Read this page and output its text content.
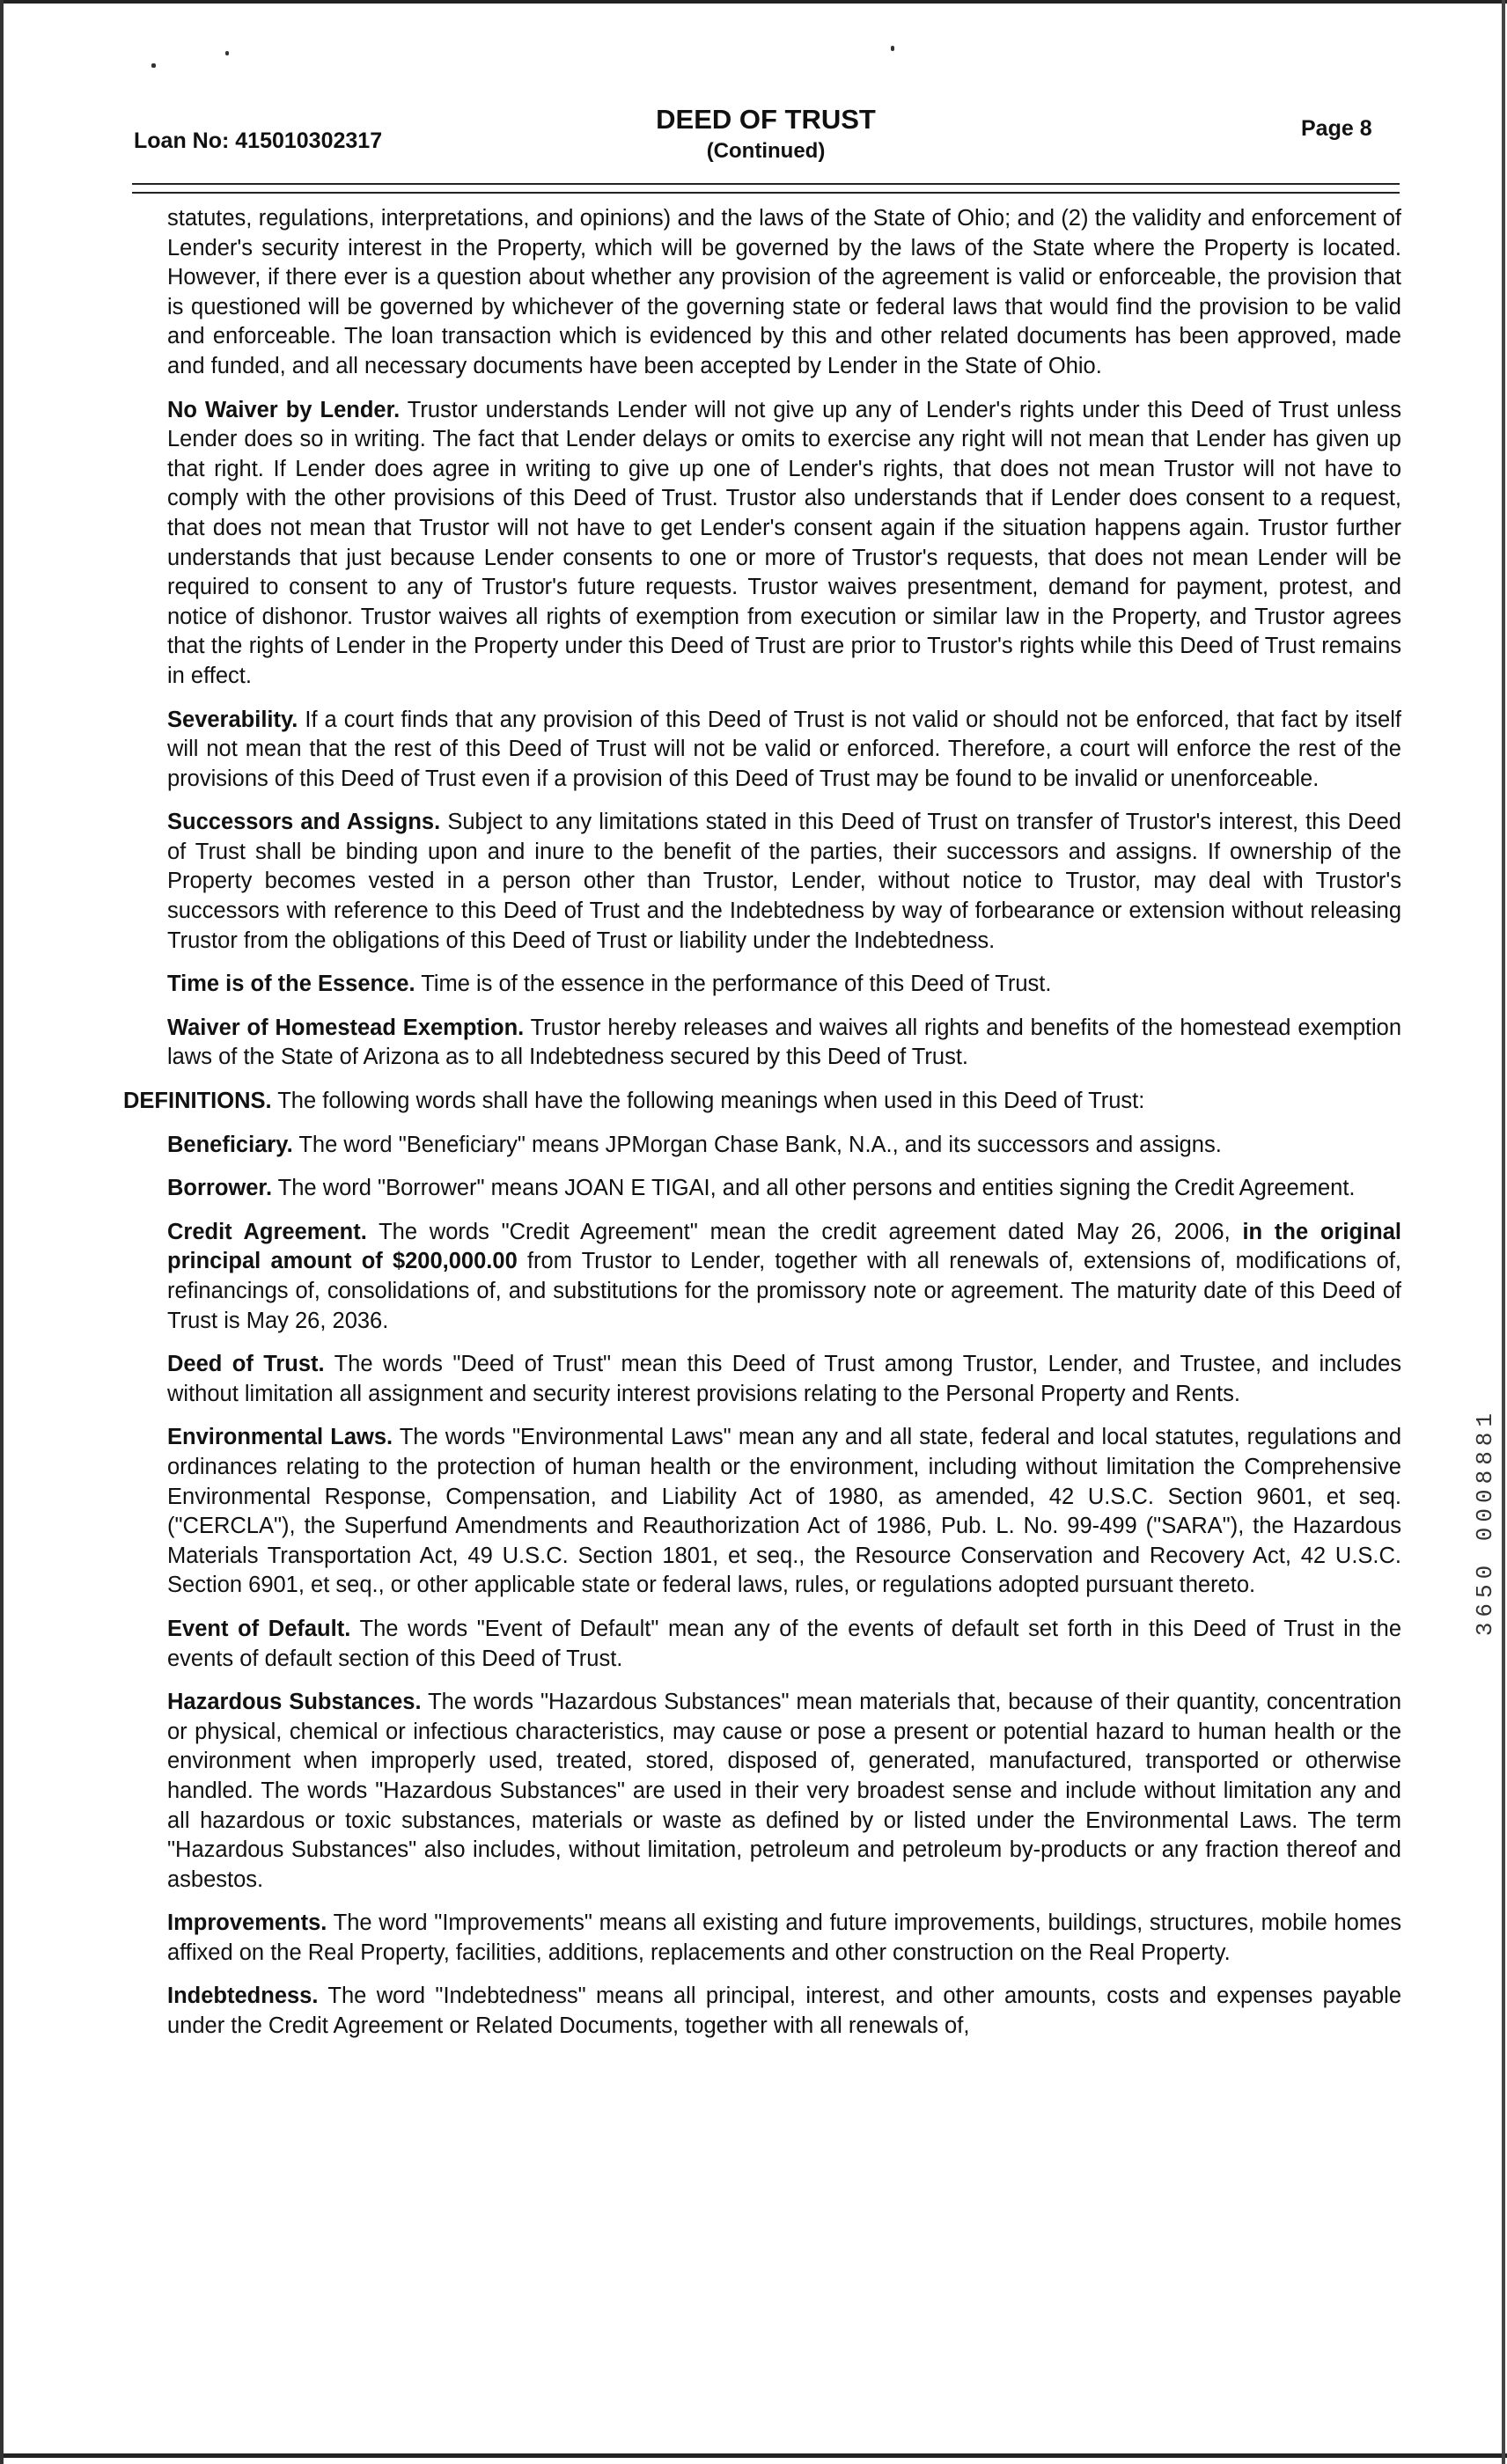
Loan No: 415010302317
DEED OF TRUST
(Continued)
Page 8

statutes, regulations, interpretations, and opinions) and the laws of the State of Ohio; and (2) the validity and enforcement of Lender's security interest in the Property, which will be governed by the laws of the State where the Property is located. However, if there ever is a question about whether any provision of the agreement is valid or enforceable, the provision that is questioned will be governed by whichever of the governing state or federal laws that would find the provision to be valid and enforceable. The loan transaction which is evidenced by this and other related documents has been approved, made and funded, and all necessary documents have been accepted by Lender in the State of Ohio.

No Waiver by Lender. Trustor understands Lender will not give up any of Lender's rights under this Deed of Trust unless Lender does so in writing. The fact that Lender delays or omits to exercise any right will not mean that Lender has given up that right. If Lender does agree in writing to give up one of Lender's rights, that does not mean Trustor will not have to comply with the other provisions of this Deed of Trust. Trustor also understands that if Lender does consent to a request, that does not mean that Trustor will not have to get Lender's consent again if the situation happens again. Trustor further understands that just because Lender consents to one or more of Trustor's requests, that does not mean Lender will be required to consent to any of Trustor's future requests. Trustor waives presentment, demand for payment, protest, and notice of dishonor. Trustor waives all rights of exemption from execution or similar law in the Property, and Trustor agrees that the rights of Lender in the Property under this Deed of Trust are prior to Trustor's rights while this Deed of Trust remains in effect.

Severability. If a court finds that any provision of this Deed of Trust is not valid or should not be enforced, that fact by itself will not mean that the rest of this Deed of Trust will not be valid or enforced. Therefore, a court will enforce the rest of the provisions of this Deed of Trust even if a provision of this Deed of Trust may be found to be invalid or unenforceable.

Successors and Assigns. Subject to any limitations stated in this Deed of Trust on transfer of Trustor's interest, this Deed of Trust shall be binding upon and inure to the benefit of the parties, their successors and assigns. If ownership of the Property becomes vested in a person other than Trustor, Lender, without notice to Trustor, may deal with Trustor's successors with reference to this Deed of Trust and the Indebtedness by way of forbearance or extension without releasing Trustor from the obligations of this Deed of Trust or liability under the Indebtedness.

Time is of the Essence. Time is of the essence in the performance of this Deed of Trust.

Waiver of Homestead Exemption. Trustor hereby releases and waives all rights and benefits of the homestead exemption laws of the State of Arizona as to all Indebtedness secured by this Deed of Trust.

DEFINITIONS. The following words shall have the following meanings when used in this Deed of Trust:

Beneficiary. The word "Beneficiary" means JPMorgan Chase Bank, N.A., and its successors and assigns.

Borrower. The word "Borrower" means JOAN E TIGAI, and all other persons and entities signing the Credit Agreement.

Credit Agreement. The words "Credit Agreement" mean the credit agreement dated May 26, 2006, in the original principal amount of $200,000.00 from Trustor to Lender, together with all renewals of, extensions of, modifications of, refinancings of, consolidations of, and substitutions for the promissory note or agreement. The maturity date of this Deed of Trust is May 26, 2036.

Deed of Trust. The words "Deed of Trust" mean this Deed of Trust among Trustor, Lender, and Trustee, and includes without limitation all assignment and security interest provisions relating to the Personal Property and Rents.

Environmental Laws. The words "Environmental Laws" mean any and all state, federal and local statutes, regulations and ordinances relating to the protection of human health or the environment, including without limitation the Comprehensive Environmental Response, Compensation, and Liability Act of 1980, as amended, 42 U.S.C. Section 9601, et seq. ("CERCLA"), the Superfund Amendments and Reauthorization Act of 1986, Pub. L. No. 99-499 ("SARA"), the Hazardous Materials Transportation Act, 49 U.S.C. Section 1801, et seq., the Resource Conservation and Recovery Act, 42 U.S.C. Section 6901, et seq., or other applicable state or federal laws, rules, or regulations adopted pursuant thereto.

Event of Default. The words "Event of Default" mean any of the events of default set forth in this Deed of Trust in the events of default section of this Deed of Trust.

Hazardous Substances. The words "Hazardous Substances" mean materials that, because of their quantity, concentration or physical, chemical or infectious characteristics, may cause or pose a present or potential hazard to human health or the environment when improperly used, treated, stored, disposed of, generated, manufactured, transported or otherwise handled. The words "Hazardous Substances" are used in their very broadest sense and include without limitation any and all hazardous or toxic substances, materials or waste as defined by or listed under the Environmental Laws. The term "Hazardous Substances" also includes, without limitation, petroleum and petroleum by-products or any fraction thereof and asbestos.

Improvements. The word "Improvements" means all existing and future improvements, buildings, structures, mobile homes affixed on the Real Property, facilities, additions, replacements and other construction on the Real Property.

Indebtedness. The word "Indebtedness" means all principal, interest, and other amounts, costs and expenses payable under the Credit Agreement or Related Documents, together with all renewals of,

3650 0008881
